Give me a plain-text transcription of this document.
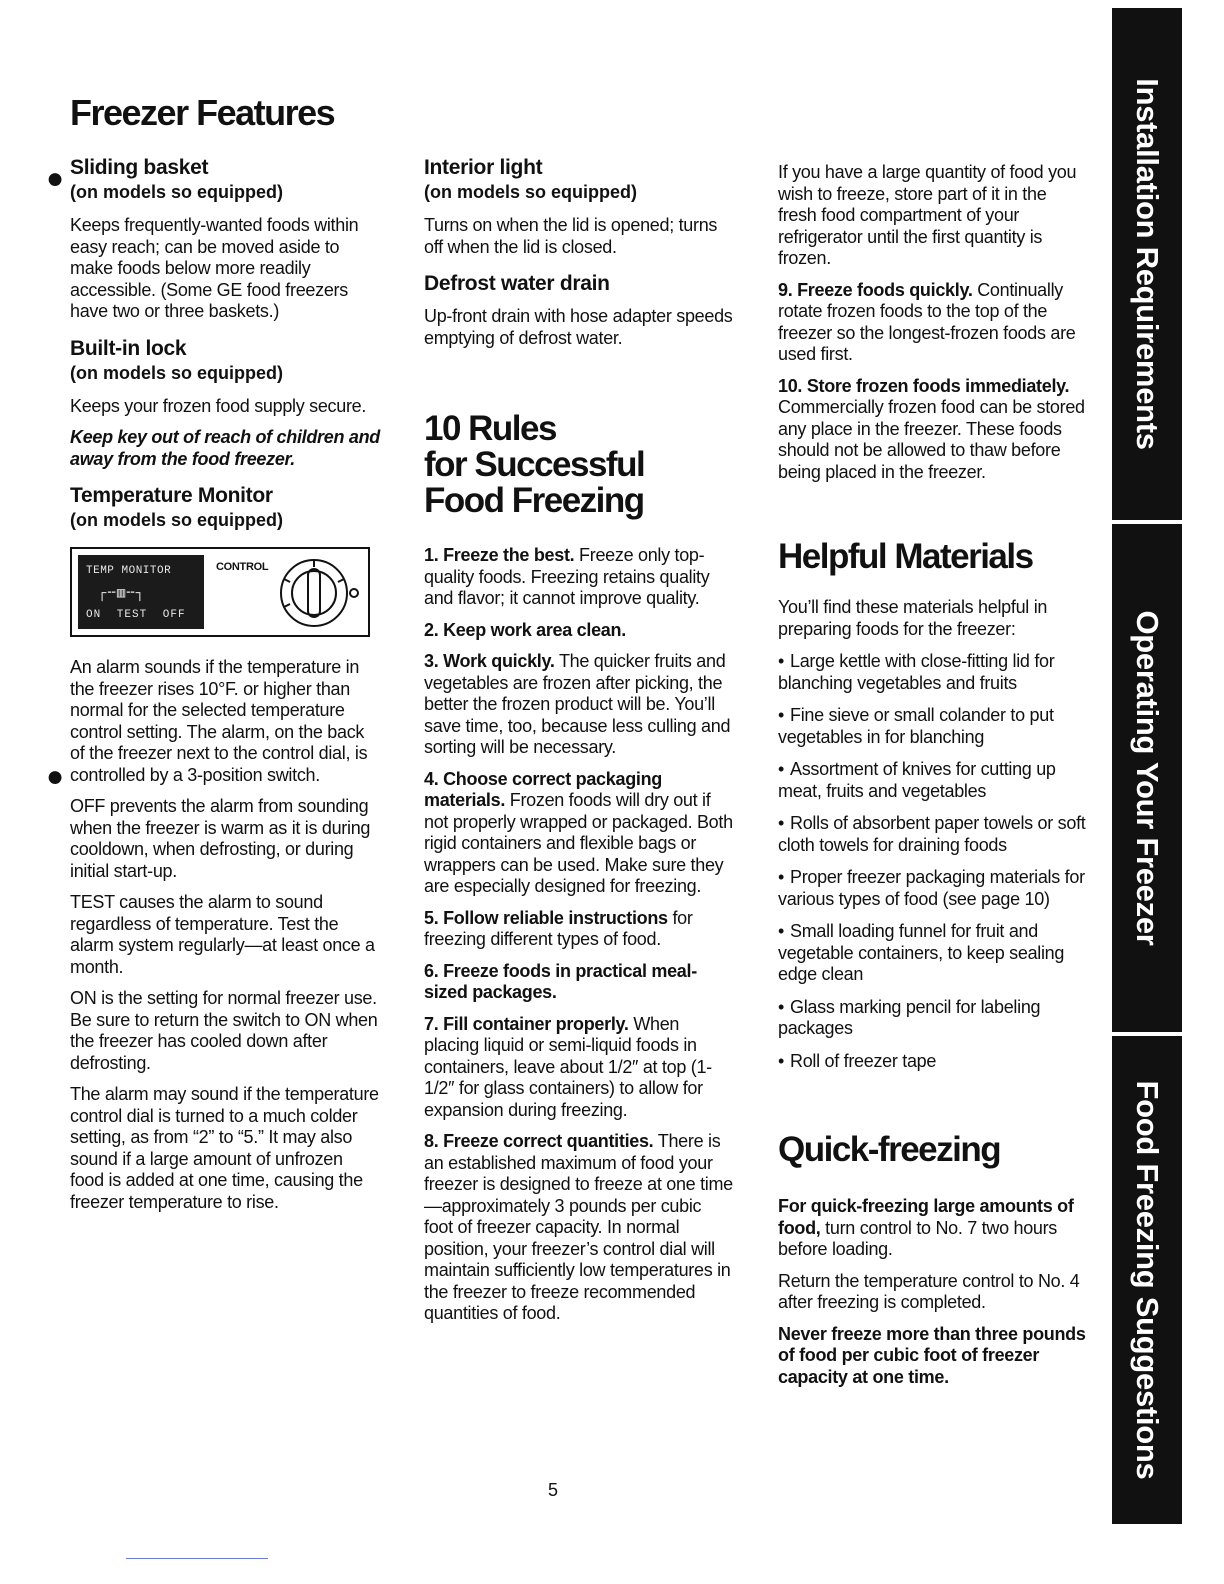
Freezer Features
Sliding basket
(on models so equipped)

Keeps frequently-wanted foods within easy reach; can be moved aside to make foods below more readily accessible. (Some GE food freezers have two or three baskets.)

Built-in lock
(on models so equipped)

Keeps your frozen food supply secure.

Keep key out of reach of children and away from the food freezer.

Temperature Monitor
(on models so equipped)
TEMP MONITOR
┌╌▥╌┐
ON TEST OFF
CONTROL

An alarm sounds if the temperature in the freezer rises 10°F. or higher than normal for the selected temperature control setting. The alarm, on the back of the freezer next to the control dial, is controlled by a 3-position switch.

OFF prevents the alarm from sounding when the freezer is warm as it is during cooldown, when defrosting, or during initial start-up.

TEST causes the alarm to sound regardless of temperature. Test the alarm system regularly—at least once a month.

ON is the setting for normal freezer use. Be sure to return the switch to ON when the freezer has cooled down after defrosting.

The alarm may sound if the temperature control dial is turned to a much colder setting, as from “2” to “5.” It may also sound if a large amount of unfrozen food is added at one time, causing the freezer temperature to rise.

Interior light
(on models so equipped)

Turns on when the lid is opened; turns off when the lid is closed.

Defrost water drain

Up-front drain with hose adapter speeds emptying of defrost water.

10 Rules
for Successful
Food Freezing

1. Freeze the best. Freeze only top-quality foods. Freezing retains quality and flavor; it cannot improve quality.

2. Keep work area clean.

3. Work quickly. The quicker fruits and vegetables are frozen after picking, the better the frozen product will be. You’ll save time, too, because less culling and sorting will be necessary.

4. Choose correct packaging materials. Frozen foods will dry out if not properly wrapped or packaged. Both rigid containers and flexible bags or wrappers can be used. Make sure they are especially designed for freezing.

5. Follow reliable instructions for freezing different types of food.

6. Freeze foods in practical meal-sized packages.

7. Fill container properly. When placing liquid or semi-liquid foods in containers, leave about 1/2″ at top (1-1/2″ for glass containers) to allow for expansion during freezing.

8. Freeze correct quantities. There is an established maximum of food your freezer is designed to freeze at one time—approximately 3 pounds per cubic foot of freezer capacity. In normal position, your freezer’s control dial will maintain sufficiently low temperatures in the freezer to freeze recommended quantities of food.

If you have a large quantity of food you wish to freeze, store part of it in the fresh food compartment of your refrigerator until the first quantity is frozen.

9. Freeze foods quickly. Continually rotate frozen foods to the top of the freezer so the longest-frozen foods are used first.

10. Store frozen foods immediately. Commercially frozen food can be stored any place in the freezer. These foods should not be allowed to thaw before being placed in the freezer.

Helpful Materials

You’ll find these materials helpful in preparing foods for the freezer:

• Large kettle with close-fitting lid for blanching vegetables and fruits
• Fine sieve or small colander to put vegetables in for blanching
• Assortment of knives for cutting up meat, fruits and vegetables
• Rolls of absorbent paper towels or soft cloth towels for draining foods
• Proper freezer packaging materials for various types of food (see page 10)
• Small loading funnel for fruit and vegetable containers, to keep sealing edge clean
• Glass marking pencil for labeling packages
• Roll of freezer tape
Quick-freezing

For quick-freezing large amounts of food, turn control to No. 7 two hours before loading.

Return the temperature control to No. 4 after freezing is completed.

Never freeze more than three pounds of food per cubic foot of freezer capacity at one time.

Installation Requirements
Operating Your Freezer
Food Freezing Suggestions
●
●
5
